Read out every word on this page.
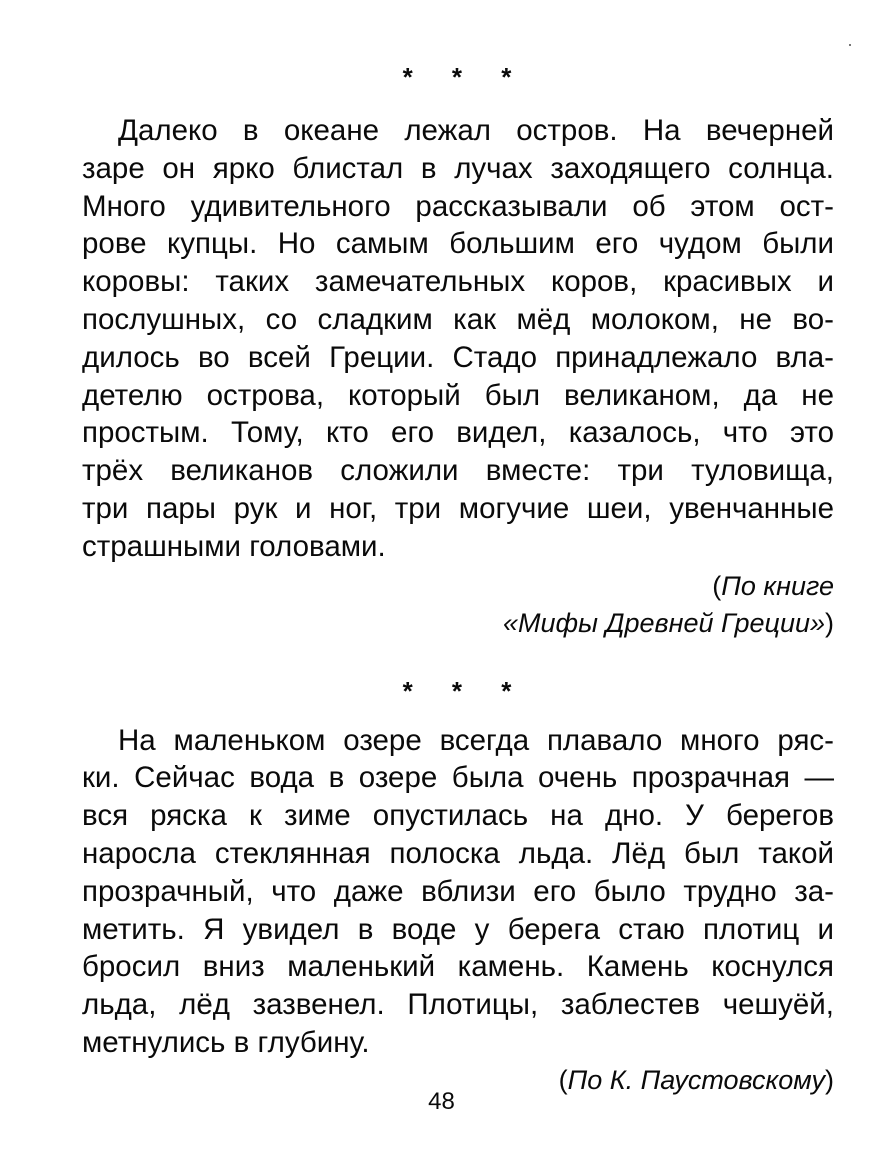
* * *
Далеко в океане лежал остров. На вечерней
заре он ярко блистал в лучах заходящего солнца.
Много удивительного рассказывали об этом ост-
рове купцы. Но самым большим его чудом были
коровы: таких замечательных коров, красивых и
послушных, со сладким как мёд молоком, не во-
дилось во всей Греции. Стадо принадлежало вла-
детелю острова, который был великаном, да не
простым. Тому, кто его видел, казалось, что это
трёх великанов сложили вместе: три туловища,
три пары рук и ног, три могучие шеи, увенчанные
страшными головами.
(По книге
«Мифы Древней Греции»)
* * *
На маленьком озере всегда плавало много ряс-
ки. Сейчас вода в озере была очень прозрачная —
вся ряска к зиме опустилась на дно. У берегов
наросла стеклянная полоска льда. Лёд был такой
прозрачный, что даже вблизи его было трудно за-
метить. Я увидел в воде у берега стаю плотиц и
бросил вниз маленький камень. Камень коснулся
льда, лёд зазвенел. Плотицы, заблестев чешуёй,
метнулись в глубину.
(По К. Паустовскому)
48
